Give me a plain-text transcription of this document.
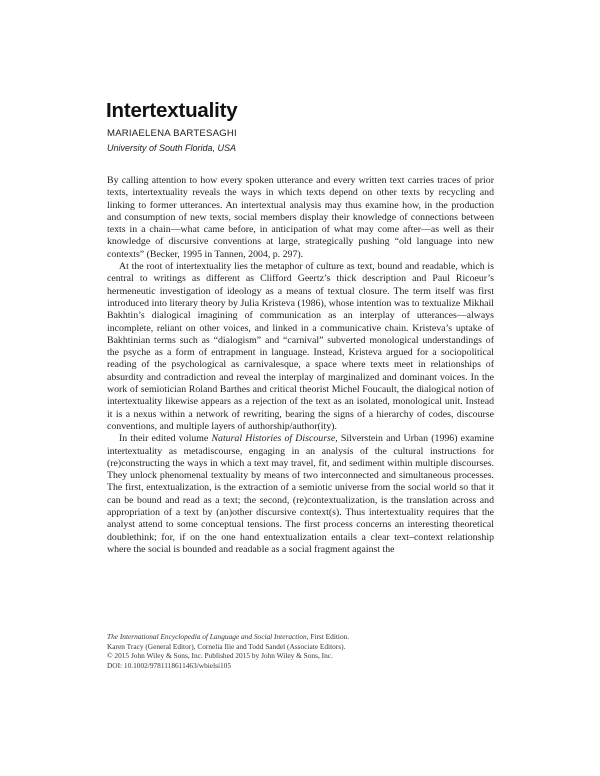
Intertextuality
MARIAELENA BARTESAGHI
University of South Florida, USA

By calling attention to how every spoken utterance and every written text carries traces of prior texts, intertextuality reveals the ways in which texts depend on other texts by recycling and linking to former utterances. An intertextual analysis may thus examine how, in the production and consumption of new texts, social members display their knowledge of connections between texts in a chain—what came before, in anticipation of what may come after—as well as their knowledge of discursive conventions at large, strategically pushing “old language into new contexts” (Becker, 1995 in Tannen, 2004, p. 297).

At the root of intertextuality lies the metaphor of culture as text, bound and readable, which is central to writings as different as Clifford Geertz’s thick description and Paul Ricoeur’s hermeneutic investigation of ideology as a means of textual closure. The term itself was first introduced into literary theory by Julia Kristeva (1986), whose intention was to textualize Mikhail Bakhtin’s dialogical imagining of communication as an interplay of utterances—always incomplete, reliant on other voices, and linked in a communicative chain. Kristeva’s uptake of Bakhtinian terms such as “dialogism” and “carnival” subverted monological understandings of the psyche as a form of entrapment in language. Instead, Kristeva argued for a sociopolitical reading of the psychological as carnivalesque, a space where texts meet in relationships of absurdity and contradiction and reveal the interplay of marginalized and dominant voices. In the work of semiotician Roland Barthes and critical theorist Michel Foucault, the dialogical notion of intertextuality likewise appears as a rejection of the text as an isolated, monological unit. Instead it is a nexus within a network of rewriting, bearing the signs of a hierarchy of codes, discourse conventions, and multiple layers of authorship/author(ity).

In their edited volume Natural Histories of Discourse, Silverstein and Urban (1996) examine intertextuality as metadiscourse, engaging in an analysis of the cultural instructions for (re)constructing the ways in which a text may travel, fit, and sediment within multiple discourses. They unlock phenomenal textuality by means of two interconnected and simultaneous processes. The first, entextualization, is the extraction of a semiotic universe from the social world so that it can be bound and read as a text; the second, (re)contextualization, is the translation across and appropriation of a text by (an)other discursive context(s). Thus intertextuality requires that the analyst attend to some conceptual tensions. The first process concerns an interesting theoretical doublethink; for, if on the one hand entextualization entails a clear text–context relationship where the social is bounded and readable as a social fragment against the

The International Encyclopedia of Language and Social Interaction, First Edition.
Karen Tracy (General Editor), Cornelia Ilie and Todd Sandel (Associate Editors).
© 2015 John Wiley & Sons, Inc. Published 2015 by John Wiley & Sons, Inc.
DOI: 10.1002/9781118611463/wbielsi105
